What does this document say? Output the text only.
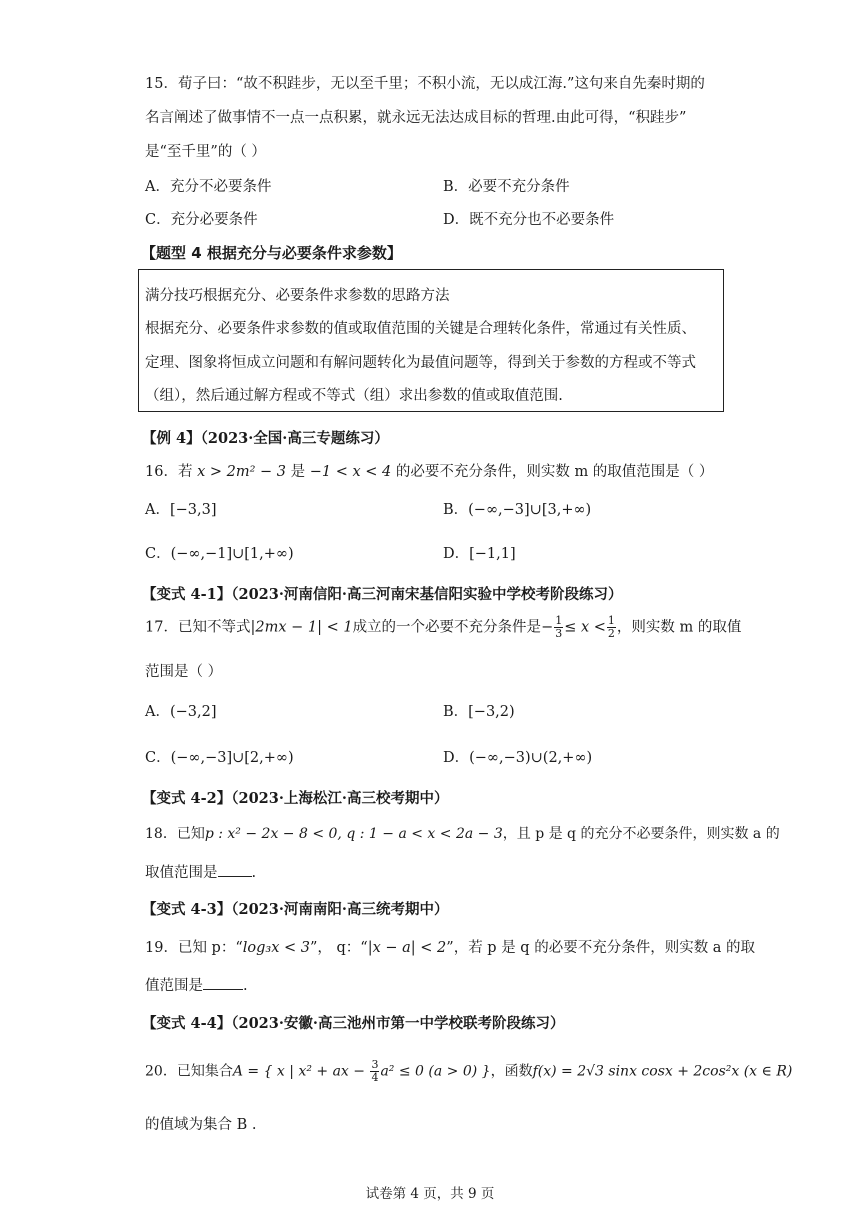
15．荀子曰：“故不积跬步，无以至千里；不积小流，无以成江海.”这句来自先秦时期的
名言阐述了做事情不一点一点积累，就永远无法达成目标的哲理.由此可得，“积跬步”
是“至千里”的（ ）
A．充分不必要条件	B．必要不充分条件
C．充分必要条件	D．既不充分也不必要条件
【题型 4 根据充分与必要条件求参数】
满分技巧根据充分、必要条件求参数的思路方法
根据充分、必要条件求参数的值或取值范围的关键是合理转化条件，常通过有关性质、
定理、图象将恒成立问题和有解问题转化为最值问题等，得到关于参数的方程或不等式
（组），然后通过解方程或不等式（组）求出参数的值或取值范围.
【例 4】（2023·全国·高三专题练习）
16．若 x > 2m² − 3 是 −1 < x < 4 的必要不充分条件，则实数 m 的取值范围是（ ）
A．[−3,3]	B．(−∞,−3]∪[3,+∞)
C．(−∞,−1]∪[1,+∞)	D．[−1,1]
【变式 4-1】（2023·河南信阳·高三河南宋基信阳实验中学校考阶段练习）
17．已知不等式|2mx − 1| < 1成立的一个必要不充分条件是− $\frac{1}{3} \le x < \frac{1}{2}$ ，则实数 m 的取值
范围是（ ）
A．(−3,2]	B．[−3,2)
C．(−∞,−3]∪[2,+∞)	D．(−∞,−3)∪(2,+∞)
【变式 4-2】（2023·上海松江·高三校考期中）
18．已知p : x² − 2x − 8 < 0, q : 1 − a < x < 2a − 3，且 p 是 q 的充分不必要条件，则实数 a 的
取值范围是 .
【变式 4-3】（2023·河南南阳·高三统考期中）
19．已知 p：“log₃x < 3”， q：“|x − a| < 2”，若 p 是 q 的必要不充分条件，则实数 a 的取
值范围是	.
【变式 4-4】（2023·安徽·高三池州市第一中学校联考阶段练习）
20．已知集合A = { x | x² + ax − $\frac{3}{4} a^2 \le 0$ (a > 0) }，函数f(x) = 2√3 sinx cosx + 2cos²x (x ∈ R)
的值域为集合 B .
试卷第 4 页，共 9 页
